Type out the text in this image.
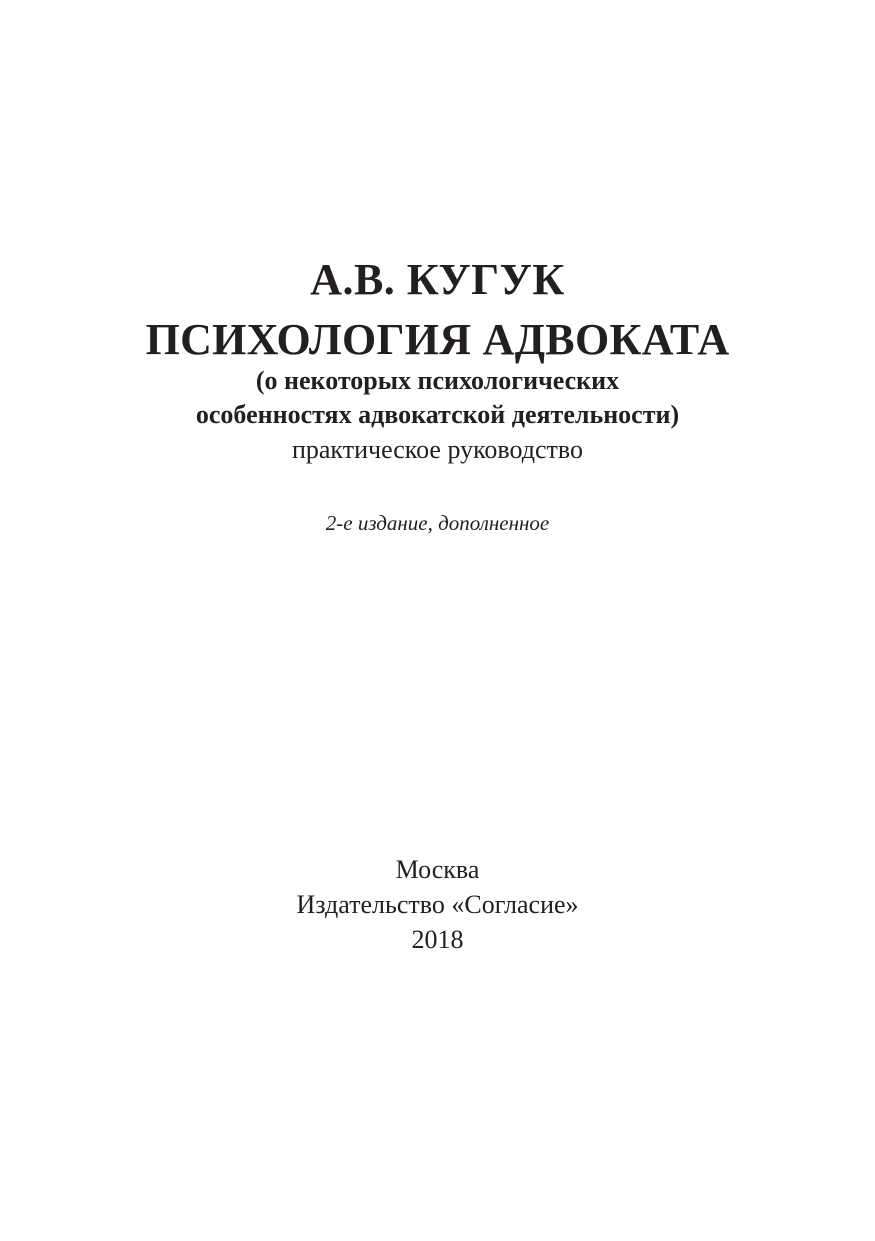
А.В. КУГУК

ПСИХОЛОГИЯ АДВОКАТА

(о некоторых психологических

особенностях адвокатской деятельности)

практическое руководство

2-е издание, дополненное

Москва

Издательство «Согласие»

2018
